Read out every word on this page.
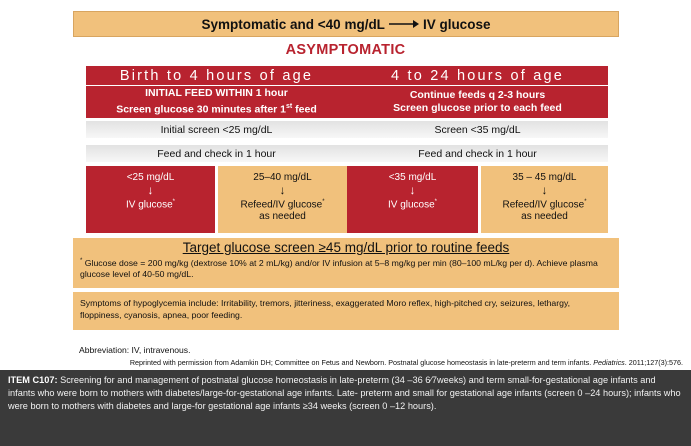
Symptomatic and <40 mg/dL	IV glucose
ASYMPTOMATIC
Birth to 4 hours of age
INITIAL FEED WITHIN 1 hour
Screen glucose 30 minutes after 1st feed
4 to 24 hours of age
Continue feeds q 2-3 hours
Screen glucose prior to each feed
Initial screen <25 mg/dL	Screen <35 mg/dL
Feed and check in 1 hour	Feed and check in 1 hour
<25 mg/dL
↓
IV glucose*
25–40 mg/dL
↓
Refeed/IV glucose*
as needed
<35 mg/dL
↓
IV glucose*
35 – 45 mg/dL
↓
Refeed/IV glucose*
as needed
Target glucose screen ≥45 mg/dL prior to routine feeds
* Glucose dose = 200 mg/kg (dextrose 10% at 2 mL/kg) and/or IV infusion at 5–8 mg/kg per min (80–100 mL/kg per d). Achieve plasma glucose level of 40-50 mg/dL.
Symptoms of hypoglycemia include: Irritability, tremors, jitteriness, exaggerated Moro reflex, high-pitched cry, seizures, lethargy, floppiness, cyanosis, apnea, poor feeding.
Abbreviation: IV, intravenous.
Reprinted with permission from Adamkin DH; Committee on Fetus and Newborn. Postnatal glucose homeostasis in late-preterm and term infants. Pediatrics. 2011;127(3):576.
ITEM C107: Screening for and management of postnatal glucose homeostasis in late-preterm (34 –36 6⁄7weeks) and term small-for-gestational age infants and infants who were born to mothers with diabetes/large-for-gestational age infants. Late- preterm and small for gestational age infants (screen 0 –24 hours); infants who were born to mothers with diabetes and large-for gestational age infants ≥34 weeks (screen 0 –12 hours).
